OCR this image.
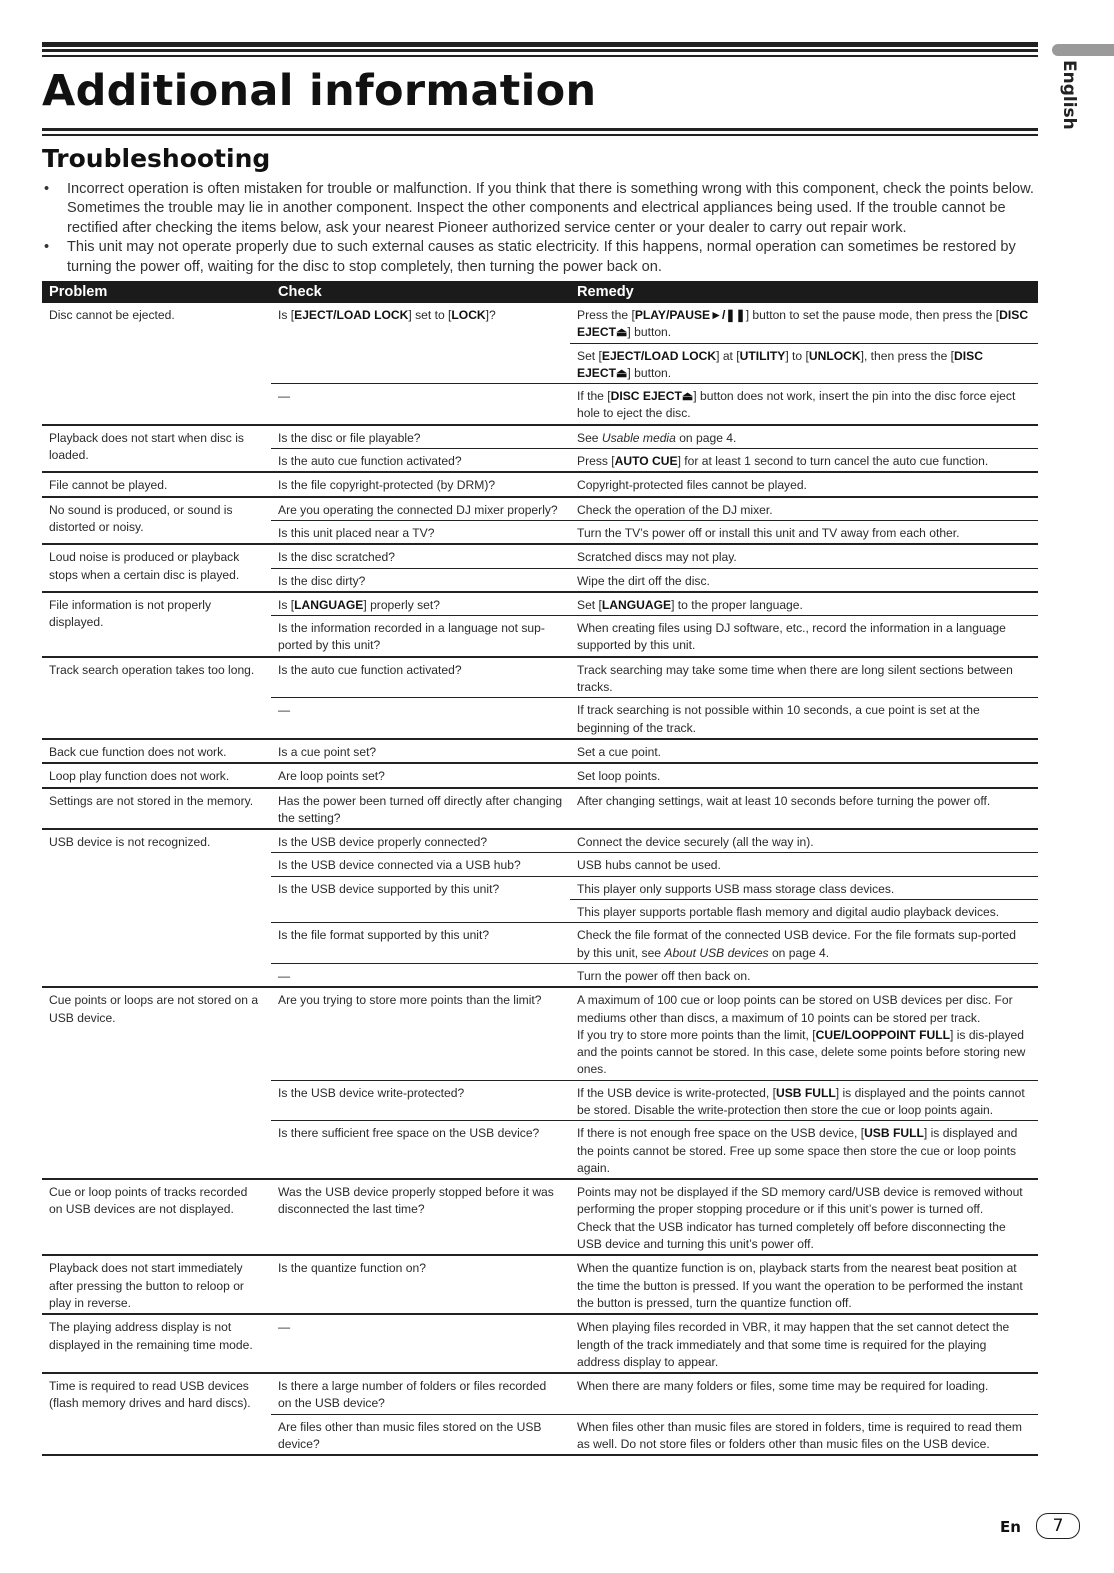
Additional information	English
Troubleshooting
• Incorrect operation is often mistaken for trouble or malfunction. If you think that there is something wrong with this component, check the points below. Sometimes the trouble may lie in another component. Inspect the other components and electrical appliances being used. If the trouble cannot be rectified after checking the items below, ask your nearest Pioneer authorized service center or your dealer to carry out repair work.
• This unit may not operate properly due to such external causes as static electricity. If this happens, normal operation can sometimes be restored by turning the power off, waiting for the disc to stop completely, then turning the power back on.
Problem	Check	Remedy
Disc cannot be ejected.	Is [EJECT/LOAD LOCK] set to [LOCK]?	Press the [PLAY/PAUSE►/❚❚] button to set the pause mode, then press the [DISC EJECT⏏] button.
		Set [EJECT/LOAD LOCK] at [UTILITY] to [UNLOCK], then press the [DISC EJECT⏏] button.
	—	If the [DISC EJECT⏏] button does not work, insert the pin into the disc force eject hole to eject the disc.
Playback does not start when disc is loaded.	Is the disc or file playable?	See Usable media on page 4.
	Is the auto cue function activated?	Press [AUTO CUE] for at least 1 second to turn cancel the auto cue function.
File cannot be played.	Is the file copyright-protected (by DRM)?	Copyright-protected files cannot be played.
No sound is produced, or sound is distorted or noisy.	Are you operating the connected DJ mixer properly?	Check the operation of the DJ mixer.
	Is this unit placed near a TV?	Turn the TV’s power off or install this unit and TV away from each other.
Loud noise is produced or playback stops when a certain disc is played.	Is the disc scratched?	Scratched discs may not play.
	Is the disc dirty?	Wipe the dirt off the disc.
File information is not properly displayed.	Is [LANGUAGE] properly set?	Set [LANGUAGE] to the proper language.
	Is the information recorded in a language not sup-ported by this unit?	When creating files using DJ software, etc., record the information in a language supported by this unit.
Track search operation takes too long.	Is the auto cue function activated?	Track searching may take some time when there are long silent sections between tracks.
	—	If track searching is not possible within 10 seconds, a cue point is set at the beginning of the track.
Back cue function does not work.	Is a cue point set?	Set a cue point.
Loop play function does not work.	Are loop points set?	Set loop points.
Settings are not stored in the memory.	Has the power been turned off directly after changing the setting?	After changing settings, wait at least 10 seconds before turning the power off.
USB device is not recognized.	Is the USB device properly connected?	Connect the device securely (all the way in).
	Is the USB device connected via a USB hub?	USB hubs cannot be used.
	Is the USB device supported by this unit?	This player only supports USB mass storage class devices.
		This player supports portable flash memory and digital audio playback devices.
	Is the file format supported by this unit?	Check the file format of the connected USB device. For the file formats sup-ported by this unit, see About USB devices on page 4.
	—	Turn the power off then back on.
Cue points or loops are not stored on a USB device.	Are you trying to store more points than the limit?	A maximum of 100 cue or loop points can be stored on USB devices per disc. For mediums other than discs, a maximum of 10 points can be stored per track.
If you try to store more points than the limit, [CUE/LOOPPOINT FULL] is dis-played and the points cannot be stored. In this case, delete some points before storing new ones.
	Is the USB device write-protected?	If the USB device is write-protected, [USB FULL] is displayed and the points cannot be stored. Disable the write-protection then store the cue or loop points again.
	Is there sufficient free space on the USB device?	If there is not enough free space on the USB device, [USB FULL] is displayed and the points cannot be stored. Free up some space then store the cue or loop points again.
Cue or loop points of tracks recorded on USB devices are not displayed.	Was the USB device properly stopped before it was disconnected the last time?	Points may not be displayed if the SD memory card/USB device is removed without performing the proper stopping procedure or if this unit’s power is turned off.
Check that the USB indicator has turned completely off before disconnecting the USB device and turning this unit’s power off.
Playback does not start immediately after pressing the button to reloop or play in reverse.	Is the quantize function on?	When the quantize function is on, playback starts from the nearest beat position at the time the button is pressed. If you want the operation to be performed the instant the button is pressed, turn the quantize function off.
The playing address display is not displayed in the remaining time mode.	—	When playing files recorded in VBR, it may happen that the set cannot detect the length of the track immediately and that some time is required for the playing address display to appear.
Time is required to read USB devices (flash memory drives and hard discs).	Is there a large number of folders or files recorded on the USB device?	When there are many folders or files, some time may be required for loading.
	Are files other than music files stored on the USB device?	When files other than music files are stored in folders, time is required to read them as well. Do not store files or folders other than music files on the USB device.
En	7
